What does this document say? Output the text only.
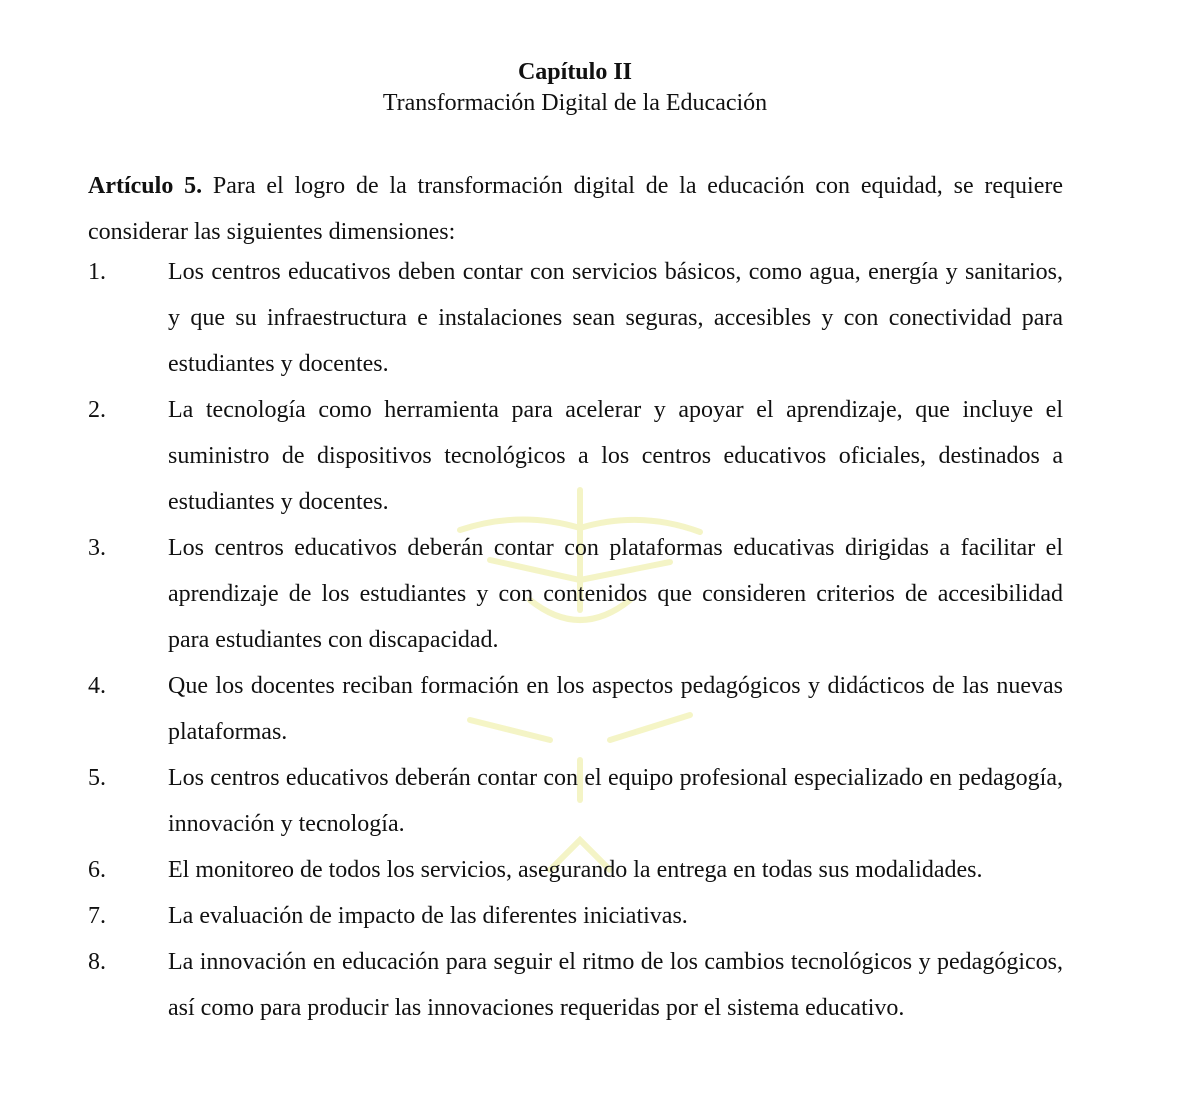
Capítulo II
Transformación Digital de la Educación
Artículo 5. Para el logro de la transformación digital de la educación con equidad, se requiere considerar las siguientes dimensiones:
1.	Los centros educativos deben contar con servicios básicos, como agua, energía y sanitarios, y que su infraestructura e instalaciones sean seguras, accesibles y con conectividad para estudiantes y docentes.
2.	La tecnología como herramienta para acelerar y apoyar el aprendizaje, que incluye el suministro de dispositivos tecnológicos a los centros educativos oficiales, destinados a estudiantes y docentes.
3.	Los centros educativos deberán contar con plataformas educativas dirigidas a facilitar el aprendizaje de los estudiantes y con contenidos que consideren criterios de accesibilidad para estudiantes con discapacidad.
4.	Que los docentes reciban formación en los aspectos pedagógicos y didácticos de las nuevas plataformas.
5.	Los centros educativos deberán contar con el equipo profesional especializado en pedagogía, innovación y tecnología.
6.	El monitoreo de todos los servicios, asegurando la entrega en todas sus modalidades.
7.	La evaluación de impacto de las diferentes iniciativas.
8.	La innovación en educación para seguir el ritmo de los cambios tecnológicos y pedagógicos, así como para producir las innovaciones requeridas por el sistema educativo.
